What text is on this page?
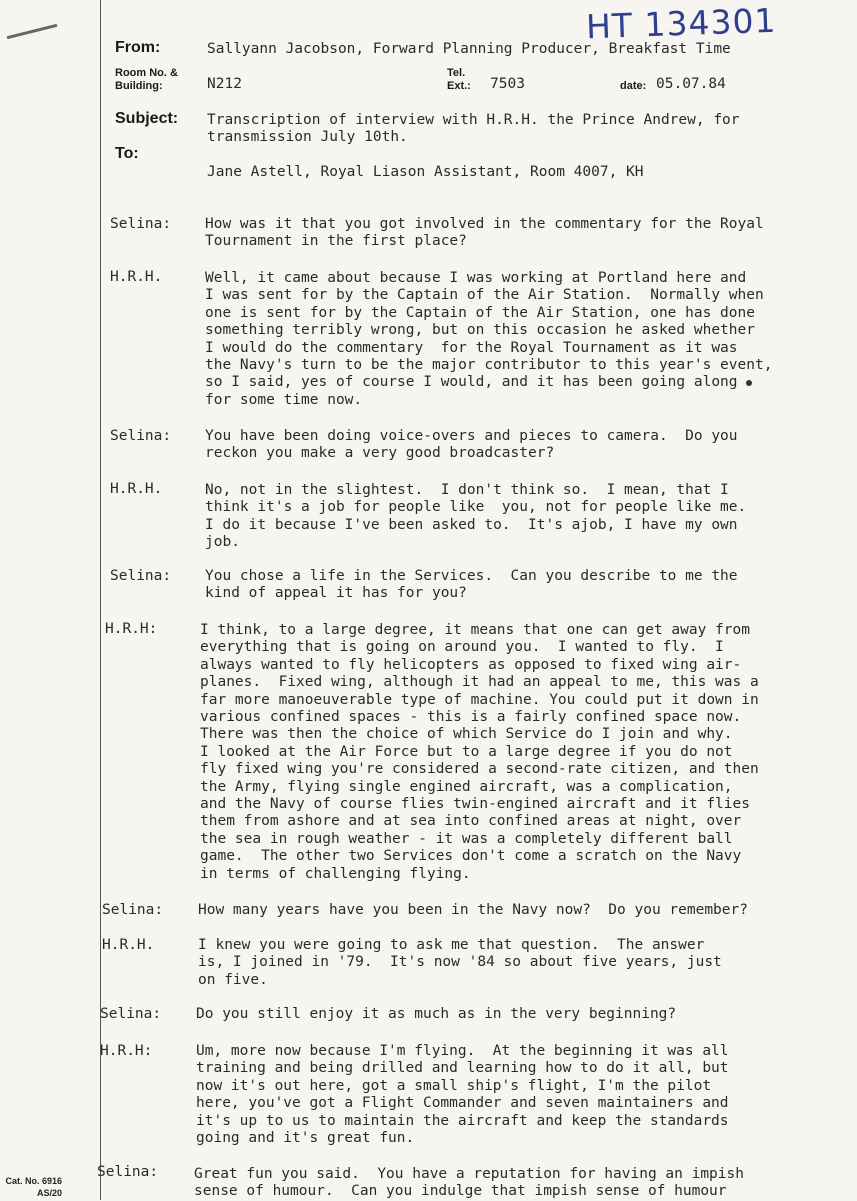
HT 134301
From:	Sallyann Jacobson, Forward Planning Producer, Breakfast Time
Room No. &
Building:	N212
Tel.
Ext.: 7503	date: 05.07.84
Subject: Transcription of interview with H.R.H. the Prince Andrew, for
transmission July 10th.
To:
Jane Astell, Royal Liason Assistant, Room 4007, KH
Selina: How was it that you got involved in the commentary for the Royal
Tournament in the first place?
H.R.H.	Well, it came about because I was working at Portland here and
I was sent for by the Captain of the Air Station.  Normally when
one is sent for by the Captain of the Air Station, one has done
something terribly wrong, but on this occasion he asked whether
I would do the commentary  for the Royal Tournament as it was
the Navy's turn to be the major contributor to this year's event,
so I said, yes of course I would, and it has been going along
for some time now.
Selina: You have been doing voice-overs and pieces to camera.  Do you
reckon you make a very good broadcaster?
H.R.H.	No, not in the slightest.  I don't think so.  I mean, that I
think it's a job for people like  you, not for people like me.
I do it because I've been asked to.  It's ajob, I have my own
job.
Selina: You chose a life in the Services.  Can you describe to me the
kind of appeal it has for you?
H.R.H:	I think, to a large degree, it means that one can get away from
everything that is going on around you.  I wanted to fly.  I
always wanted to fly helicopters as opposed to fixed wing air-
planes.  Fixed wing, although it had an appeal to me, this was a
far more manoeuverable type of machine. You could put it down in
various confined spaces - this is a fairly confined space now.
There was then the choice of which Service do I join and why.
I looked at the Air Force but to a large degree if you do not
fly fixed wing you're considered a second-rate citizen, and then
the Army, flying single engined aircraft, was a complication,
and the Navy of course flies twin-engined aircraft and it flies
them from ashore and at sea into confined areas at night, over
the sea in rough weather - it was a completely different ball
game.  The other two Services don't come a scratch on the Navy
in terms of challenging flying.
Selina: How many years have you been in the Navy now?  Do you remember?
H.R.H.	I knew you were going to ask me that question.  The answer
is, I joined in '79.  It's now '84 so about five years, just
on five.
Selina: Do you still enjoy it as much as in the very beginning?
H.R.H:	Um, more now because I'm flying.  At the beginning it was all
training and being drilled and learning how to do it all, but
now it's out here, got a small ship's flight, I'm the pilot
here, you've got a Flight Commander and seven maintainers and
it's up to us to maintain the aircraft and keep the standards
going and it's great fun.
Selina: Great fun you said.  You have a reputation for having an impish
sense of humour.  Can you indulge that impish sense of humour
Cat. No. 6916
AS/20
